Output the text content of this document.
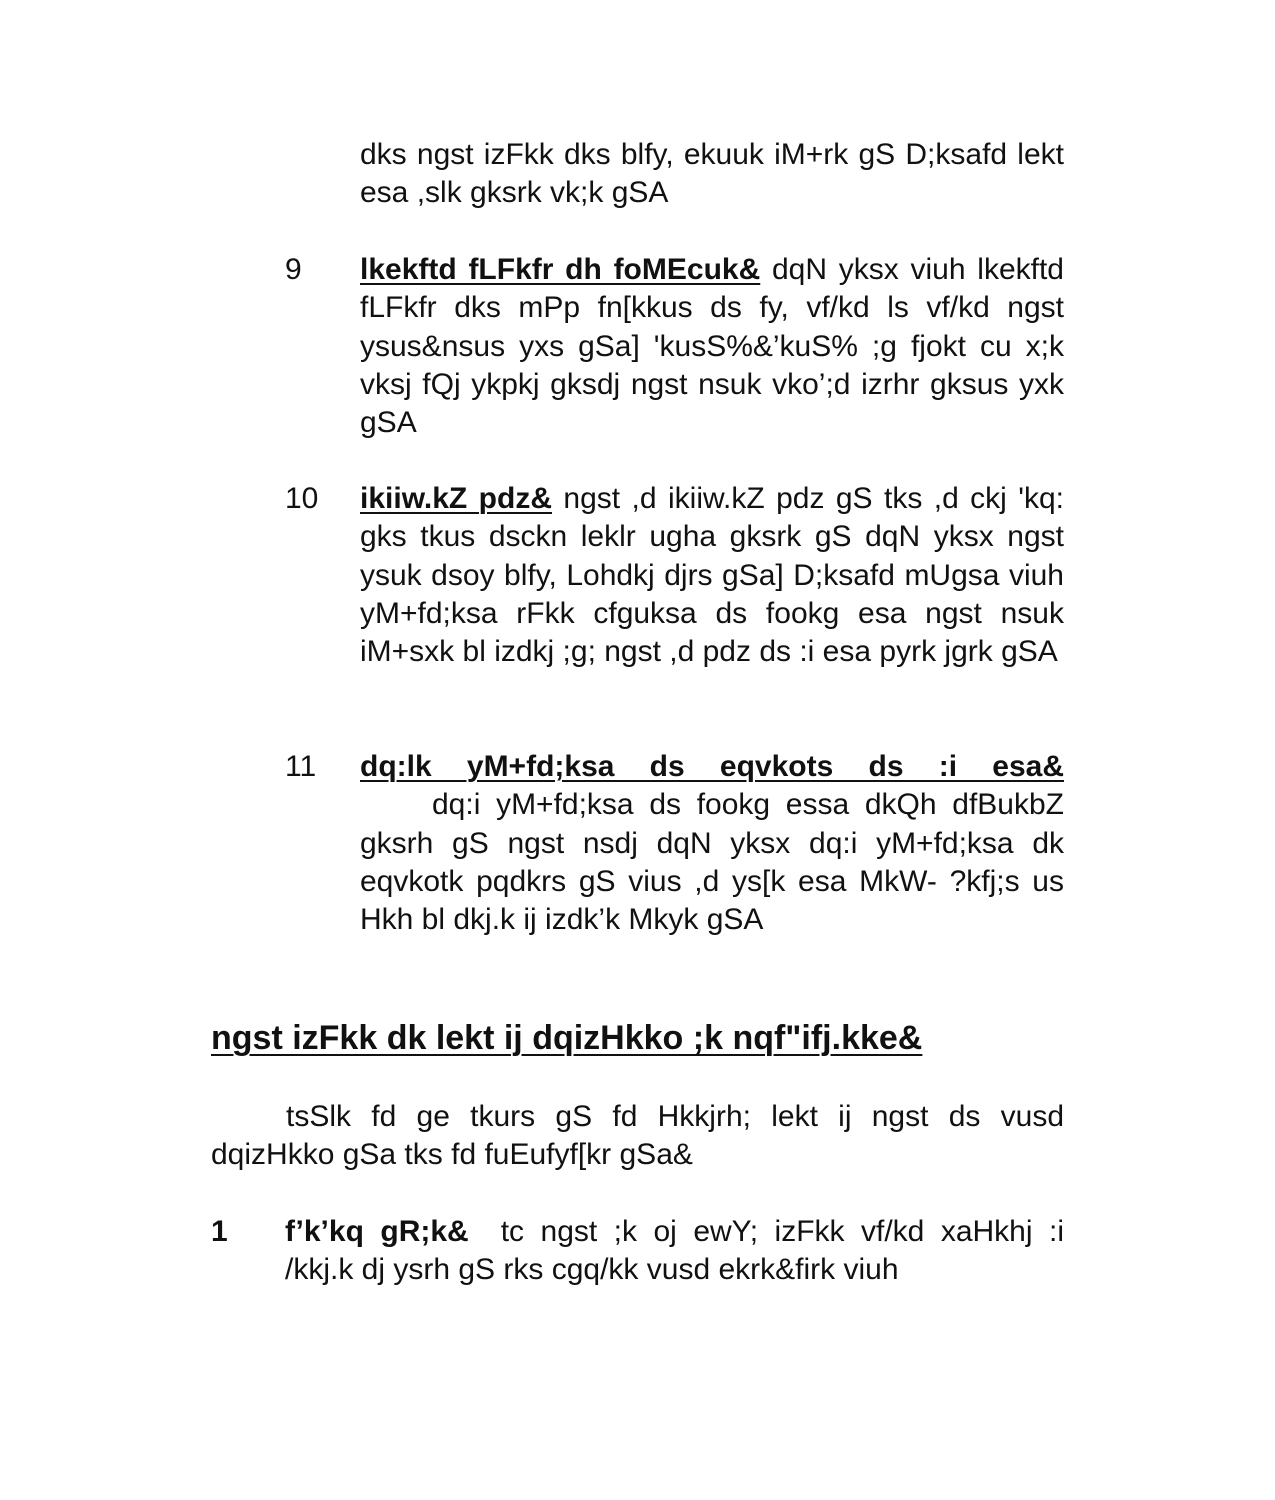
dks ngst izFkk dks blfy, ekuuk iM+rk gS D;ksafd lekt esa ,slk gksrk vk;k gSA
9 lkekftd fLFkfr dh foMEcuk& dqN yksx viuh lkekftd fLFkfr dks mPp fn[kkus ds fy, vf/kd ls vf/kd ngst ysus&nsus yxs gSa] 'kusS%&’kuS% ;g fjokt cu x;k vksj fQj ykpkj gksdj ngst nsuk vko’;d izrhr gksus yxk gSA
10 ikiiw.kZ pdz& ngst ,d ikiiw.kZ pdz gS tks ,d ckj 'kq: gks tkus dsckn leklr ugha gksrk gS dqN yksx ngst ysuk dsoy blfy, Lohdkj djrs gSa] D;ksafd mUgsa viuh yM+fd;ksa rFkk cfguksa ds fookg esa ngst nsuk iM+sxk bl izdkj ;g; ngst ,d pdz ds :i esa pyrk jgrk gSA
11 dq:lk yM+fd;ksa ds eqvkots ds :i esa&
dq:i yM+fd;ksa ds fookg essa dkQh dfBukbZ gksrh gS ngst nsdj dqN yksx dq:i yM+fd;ksa dk eqvkotk pqdkrs gS vius ,d ys[k esa MkW- ?kfj;s us Hkh bl dkj.k ij izdk’k Mkyk gSA
ngst izFkk dk lekt ij dqizHkko ;k nqf"ifj.kke&
tsSlk fd ge tkurs gS fd Hkkjrh; lekt ij ngst ds vusd dqizHkko gSa tks fd fuEufyf[kr gSa&
1 f’k’kq gR;k& tc ngst ;k oj ewY; izFkk vf/kd xaHkhj :i /kkj.k dj ysrh gS rks cgq/kk vusd ekrk&firk viuh
